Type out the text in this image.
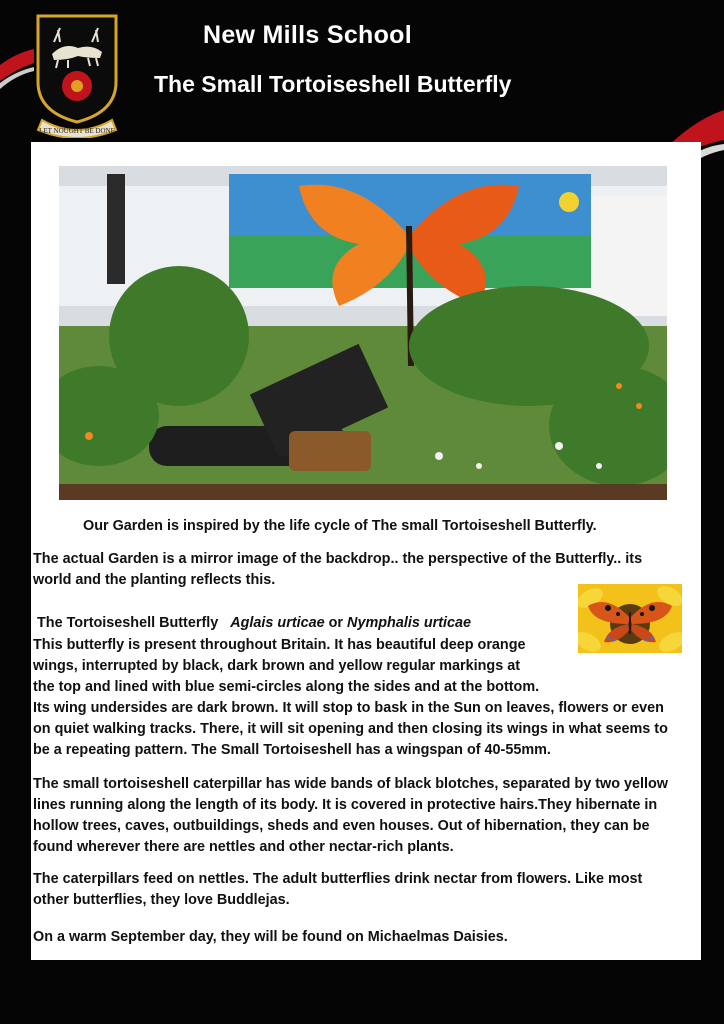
LET NOUGHT BE DONE
New Mills School
The Small Tortoiseshell Butterfly
Our Garden is inspired by the life cycle of The small Tortoiseshell Butterfly.
The actual Garden is a mirror image of the backdrop.. the perspective of the Butterfly.. its world and the planting reflects this.
The Tortoiseshell Butterfly Aglais urticae or Nymphalis urticae
This butterfly is present throughout Britain. It has beautiful deep orange wings, interrupted by black, dark brown and yellow regular markings at the top and lined with blue semi-circles along the sides and at the bottom. Its wing undersides are dark brown. It will stop to bask in the Sun on leaves, flowers or even on quiet walking tracks. There, it will sit opening and then closing its wings in what seems to be a repeating pattern. The Small Tortoiseshell has a wingspan of 40-55mm.
The small tortoiseshell caterpillar has wide bands of black blotches, separated by two yellow lines running along the length of its body. It is covered in protective hairs.They hibernate in hollow trees, caves, outbuildings, sheds and even houses. Out of hibernation, they can be found wherever there are nettles and other nectar-rich plants.
The caterpillars feed on nettles. The adult butterflies drink nectar from flowers. Like most other butterflies, they love Buddlejas.
On a warm September day, they will be found on Michaelmas Daisies.
